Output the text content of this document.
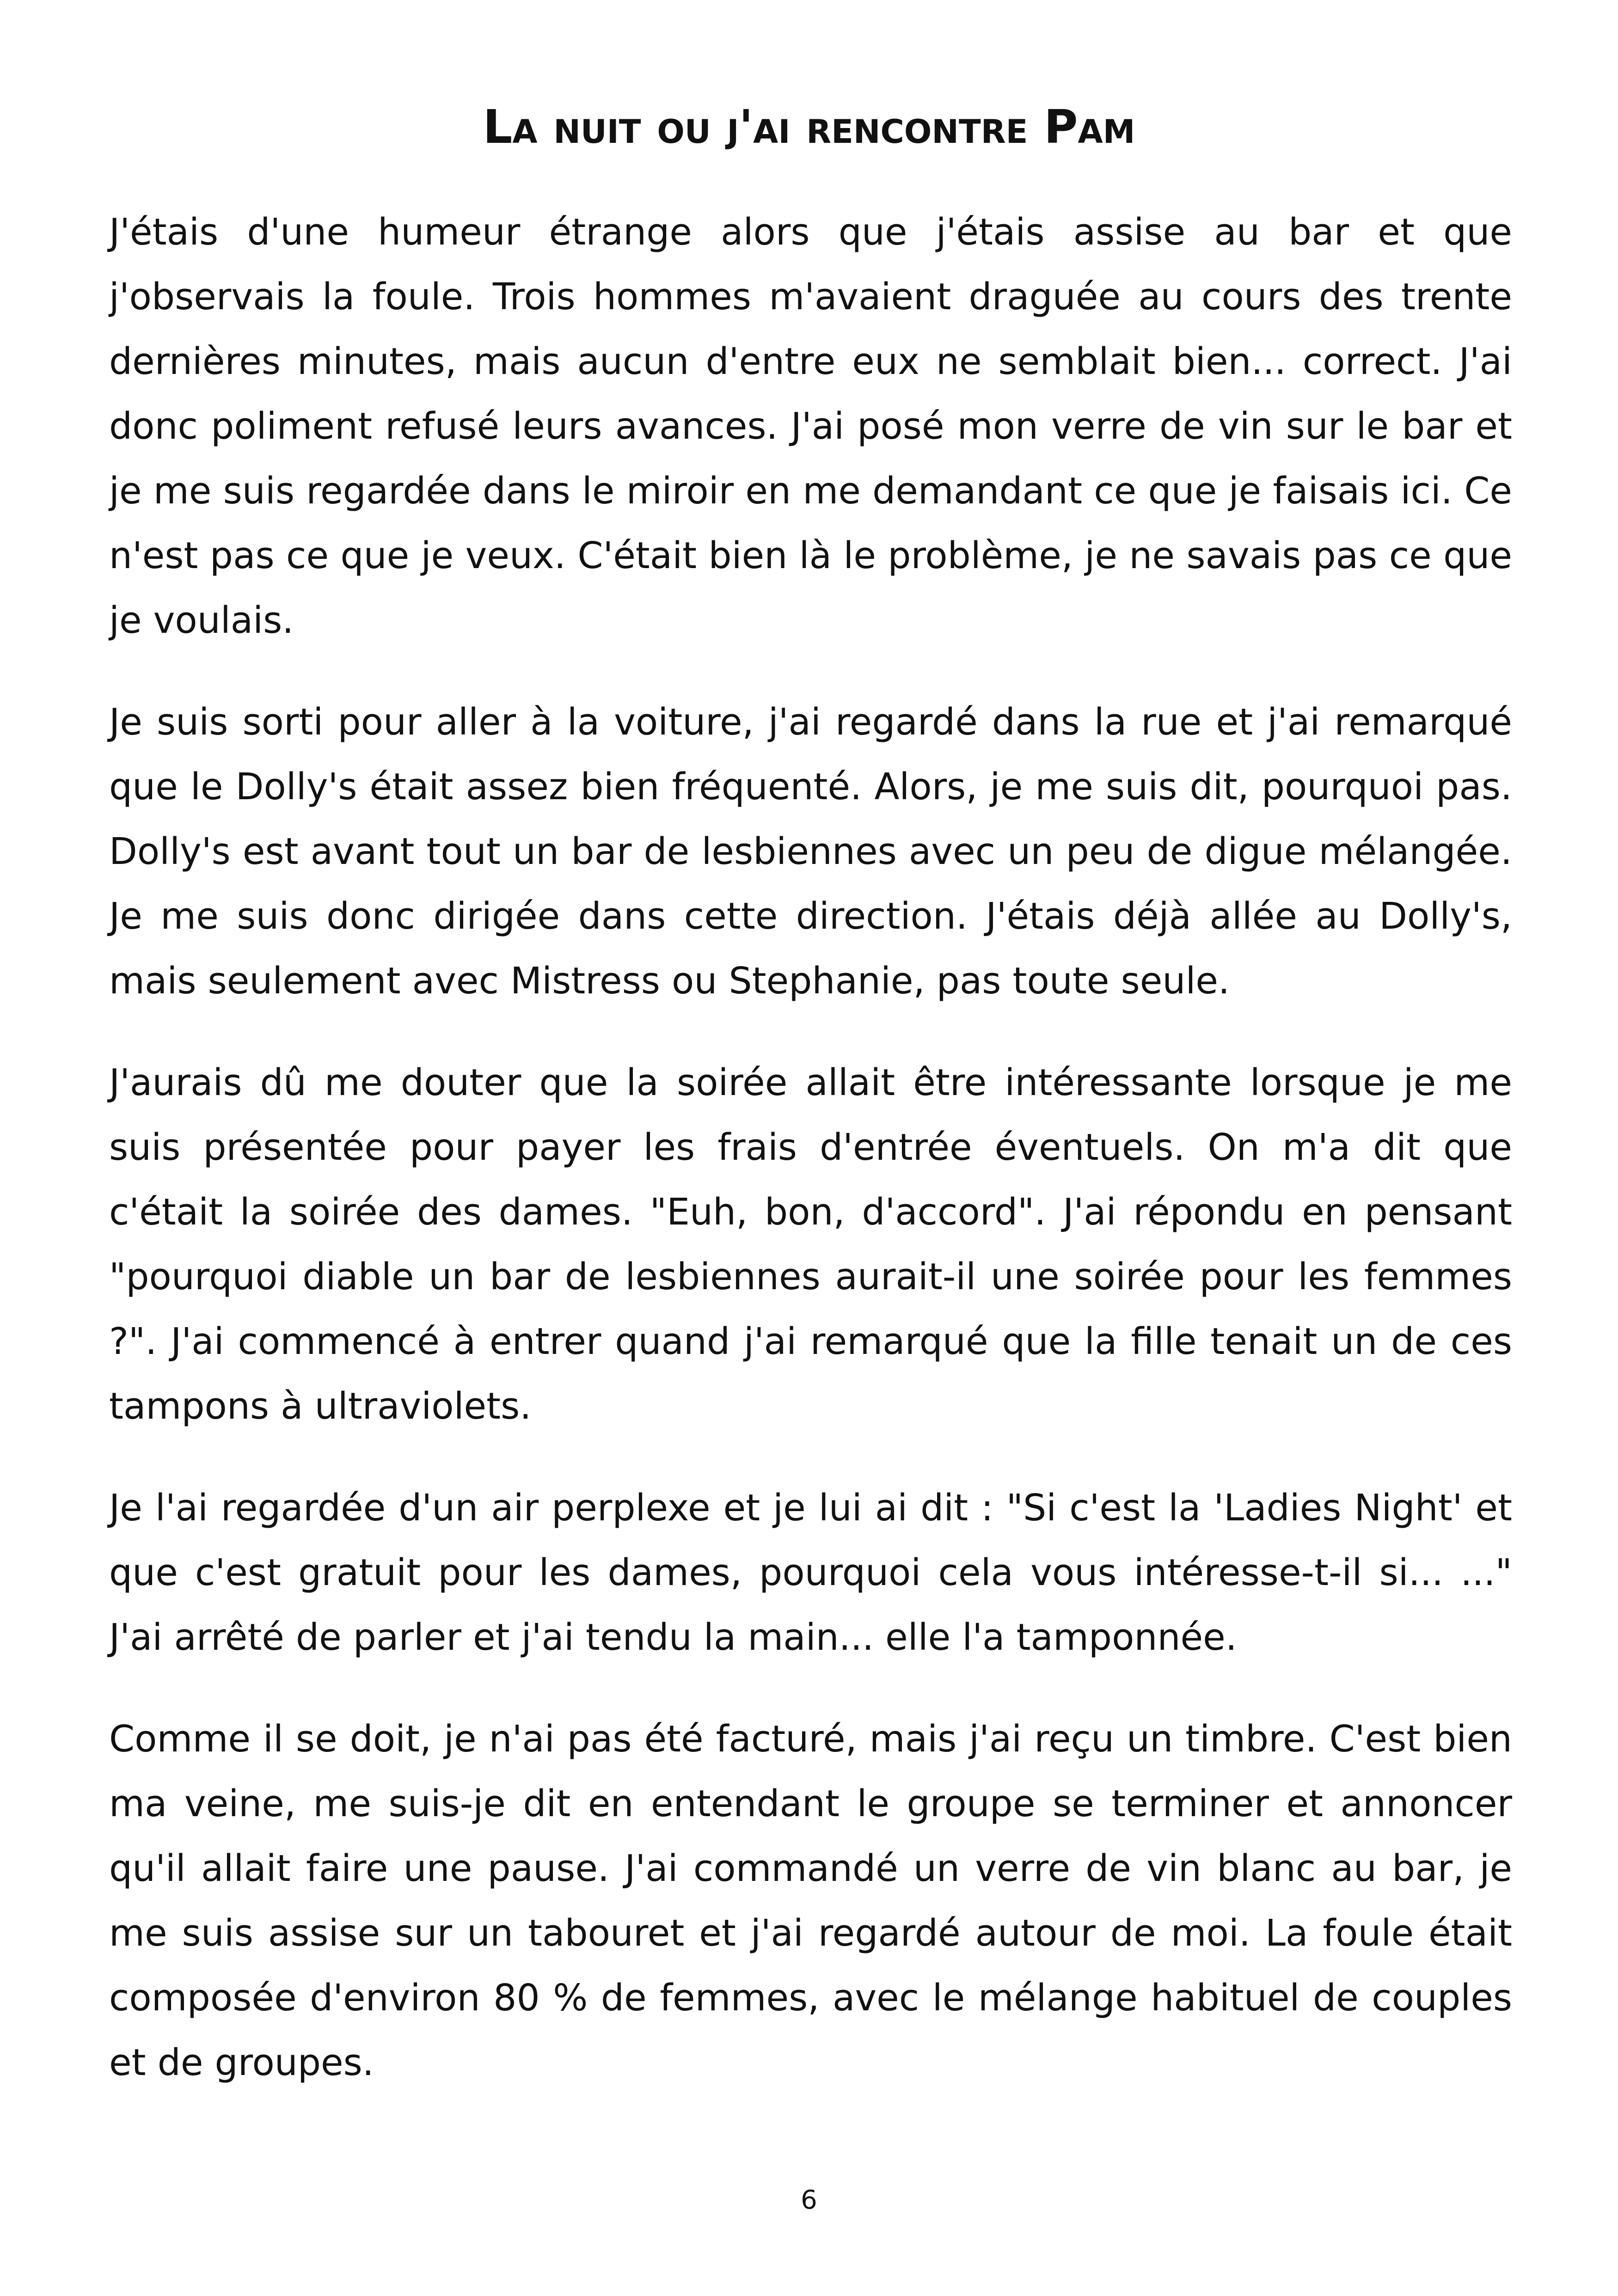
La nuit ou j'ai rencontre Pam

J'étais d'une humeur étrange alors que j'étais assise au bar et que j'observais la foule. Trois hommes m'avaient draguée au cours des trente dernières minutes, mais aucun d'entre eux ne semblait bien... correct. J'ai donc poliment refusé leurs avances. J'ai posé mon verre de vin sur le bar et je me suis regardée dans le miroir en me demandant ce que je faisais ici. Ce n'est pas ce que je veux. C'était bien là le problème, je ne savais pas ce que je voulais.

Je suis sorti pour aller à la voiture, j'ai regardé dans la rue et j'ai remarqué que le Dolly's était assez bien fréquenté. Alors, je me suis dit, pourquoi pas. Dolly's est avant tout un bar de lesbiennes avec un peu de digue mélangée. Je me suis donc dirigée dans cette direction. J'étais déjà allée au Dolly's, mais seulement avec Mistress ou Stephanie, pas toute seule.

J'aurais dû me douter que la soirée allait être intéressante lorsque je me suis présentée pour payer les frais d'entrée éventuels. On m'a dit que c'était la soirée des dames. "Euh, bon, d'accord". J'ai répondu en pensant "pourquoi diable un bar de lesbiennes aurait-il une soirée pour les femmes ?". J'ai commencé à entrer quand j'ai remarqué que la fille tenait un de ces tampons à ultraviolets.

Je l'ai regardée d'un air perplexe et je lui ai dit : "Si c'est la 'Ladies Night' et que c'est gratuit pour les dames, pourquoi cela vous intéresse-t-il si... ..." J'ai arrêté de parler et j'ai tendu la main... elle l'a tamponnée.

Comme il se doit, je n'ai pas été facturé, mais j'ai reçu un timbre. C'est bien ma veine, me suis-je dit en entendant le groupe se terminer et annoncer qu'il allait faire une pause. J'ai commandé un verre de vin blanc au bar, je me suis assise sur un tabouret et j'ai regardé autour de moi. La foule était composée d'environ 80 % de femmes, avec le mélange habituel de couples et de groupes.

6
